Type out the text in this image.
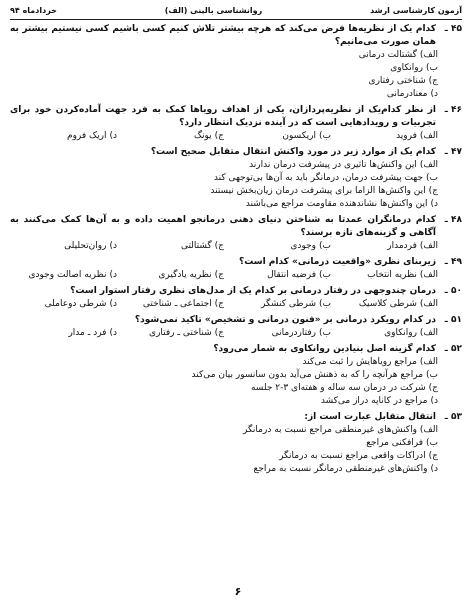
آزمون کارشناسی ارشد
روانشناسی بالینی (الف)
خردادماه ۹۴
۴۵ ـ
کدام یک از نظریه‌ها فرض می‌کند که هرچه بیشتر تلاش کنیم کسی باشیم کسی نیستیم بیشتر به همان صورت می‌مانیم؟
الف)
گشتالت درمانی
ب)
روانکاوی
ج)
شناختی رفتاری
د)
معنادرمانی
۴۶ ـ
از نظر کدام‌یک از نظریه‌پردازان، یکی از اهداف رویاها کمک به فرد جهت آماده‌کردن خود برای تجربیات و رویدادهایی است که در آینده نزدیک انتظار دارد؟
الف)
فروید
ب)
اریکسون
ج)
یونگ
د)
اریک فروم
۴۷ ـ
کدام یک از موارد زیر در مورد واکنش انتقال متقابل صحیح است؟
الف)
این واکنش‌ها تاثیری در پیشرفت درمان ندارند
ب)
جهت پیشرفت درمان، درمانگر باید به آن‌ها بی‌توجهی کند
ج)
این واکنش‌ها الزاما برای پیشرفت درمان زیان‌بخش نیستند
د)
این واکنش‌ها نشاندهنده مقاومت مراجع می‌باشند
۴۸ ـ
کدام درمانگران عمدتا به شناختن دنیای ذهنی درمانجو اهمیت داده و به آن‌ها کمک می‌کنند به آگاهی و گزینه‌های تازه برسند؟
الف)
فردمدار
ب)
وجودی
ج)
گشتالتی
د)
روان‌تحلیلی
۴۹ ـ
زیربنای نظری «واقعیت درمانی» کدام است؟
الف)
نظریه انتخاب
ب)
فرضیه انتقال
ج)
نظریه یادگیری
د)
نظریه اصالت وجودی
۵۰ ـ
درمان چندوجهی در رفتار درمانی بر کدام یک از مدل‌های نظری رفتار استوار است؟
الف)
شرطی کلاسیک
ب)
شرطی کنشگر
ج)
اجتماعی ـ شناختی
د)
شرطی دوعاملی
۵۱ ـ
در کدام رویکرد درمانی بر «فنون درمانی و تشخیص» تاکید نمی‌شود؟
الف)
روانکاوی
ب)
رفتاردرمانی
ج)
شناختی ـ رفتاری
د)
فرد ـ مدار
۵۲ ـ
کدام گزینه اصل بنیادین روانکاوی به شمار می‌رود؟
الف)
مراجع رویاهایش را ثبت می‌کند
ب)
مراجع هرآنچه را که به ذهنش می‌آید بدون سانسور بیان می‌کند
ج)
شرکت در درمان سه ساله و هفته‌ای ۳-۲ جلسه
د)
مراجع در کاناپه دراز می‌کشد
۵۳ ـ
انتقال متقابل عبارت است از:
الف)
واکنش‌های غیرمنطقی مراجع نسبت به درمانگر
ب)
فرافکنی مراجع
ج)
ادراکات واقعی مراجع نسبت به درمانگر
د)
واکنش‌های غیرمنطقی درمانگر نسبت به مراجع
۶
